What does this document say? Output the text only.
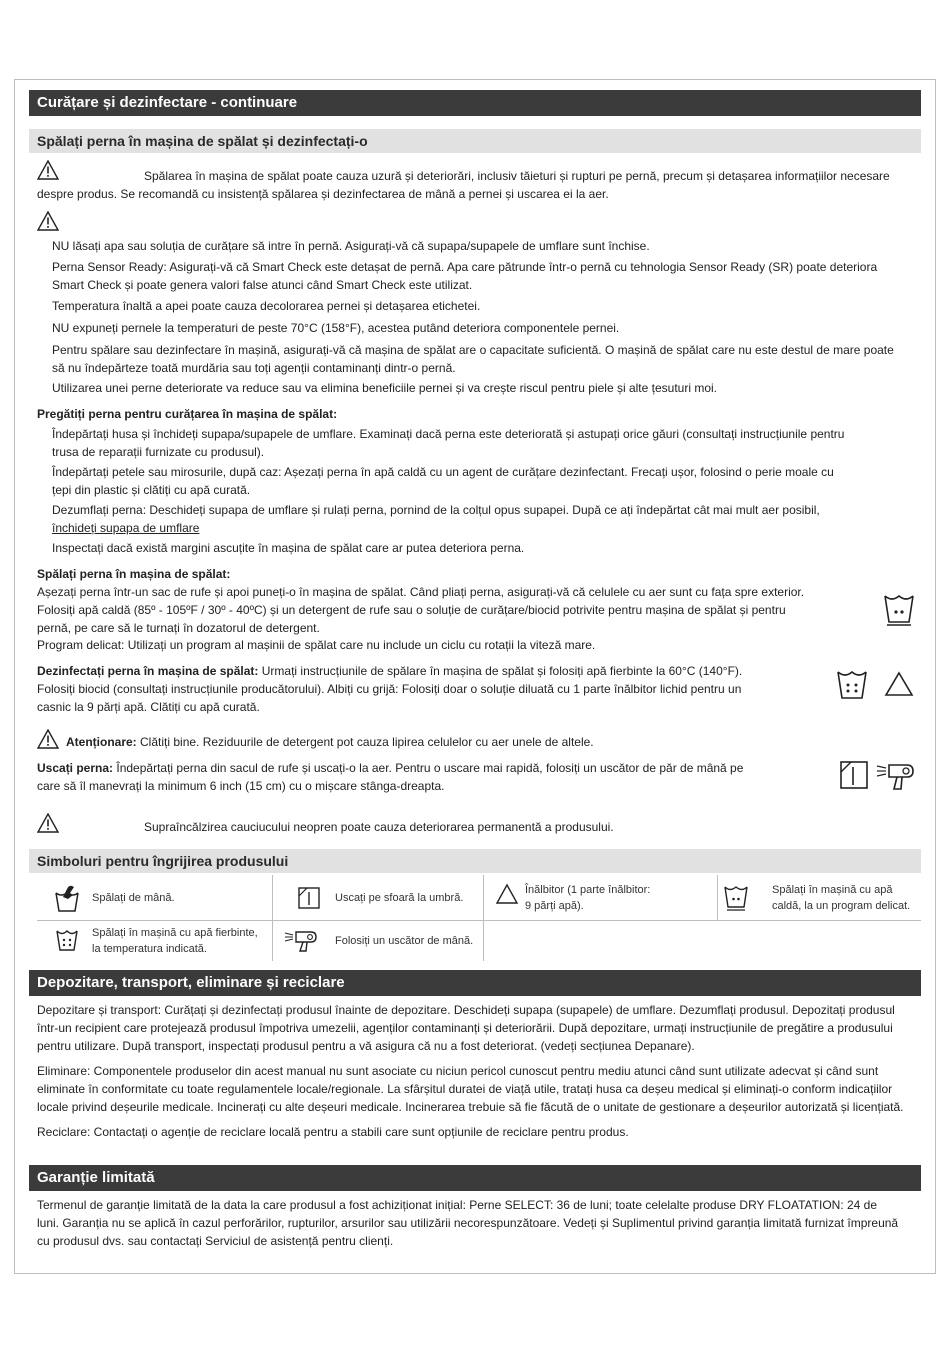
Curățare și dezinfectare - continuare
Spălați perna în mașina de spălat și dezinfectați-o
Spălarea în mașina de spălat poate cauza uzură și deteriorări, inclusiv tăieturi și rupturi pe pernă, precum și detașarea informațiilor necesare
despre produs. Se recomandă cu insistență spălarea și dezinfectarea de mână a pernei și uscarea ei la aer.
NU lăsați apa sau soluția de curățare să intre în pernă. Asigurați-vă că supapa/supapele de umflare sunt închise.
Perna Sensor Ready: Asigurați-vă că Smart Check este detașat de pernă. Apa care pătrunde într-o pernă cu tehnologia Sensor Ready (SR) poate deteriora
Smart Check și poate genera valori false atunci când Smart Check este utilizat.
Temperatura înaltă a apei poate cauza decolorarea pernei și detașarea etichetei.
NU expuneți pernele la temperaturi de peste 70°C (158°F), acestea putând deteriora componentele pernei.
Pentru spălare sau dezinfectare în mașină, asigurați-vă că mașina de spălat are o capacitate suficientă. O mașină de spălat care nu este destul de mare poate
să nu îndepărteze toată murdăria sau toți agenții contaminanți dintr-o pernă.
Utilizarea unei perne deteriorate va reduce sau va elimina beneficiile pernei și va crește riscul pentru piele și alte țesuturi moi.
Pregătiți perna pentru curățarea în mașina de spălat:
Îndepărtați husa și închideți supapa/supapele de umflare. Examinați dacă perna este deteriorată și astupați orice găuri (consultați instrucțiunile pentru
trusa de reparații furnizate cu produsul).
Îndepărtați petele sau mirosurile, după caz: Așezați perna în apă caldă cu un agent de curățare dezinfectant. Frecați ușor, folosind o perie moale cu
țepi din plastic și clătiți cu apă curată.
Dezumflați perna: Deschideți supapa de umflare și rulați perna, pornind de la colțul opus supapei. După ce ați îndepărtat cât mai mult aer posibil,
închideți supapa de umflare
Inspectați dacă există margini ascuțite în mașina de spălat care ar putea deteriora perna.
Spălați perna în mașina de spălat:
Așezați perna într-un sac de rufe și apoi puneți-o în mașina de spălat. Când pliați perna, asigurați-vă că celulele cu aer sunt cu fața spre exterior.
Folosiți apă caldă (85º - 105ºF / 30º - 40ºC) și un detergent de rufe sau o soluție de curățare/biocid potrivite pentru mașina de spălat și pentru
pernă, pe care să le turnați în dozatorul de detergent.
Program delicat: Utilizați un program al mașinii de spălat care nu include un ciclu cu rotații la viteză mare.
Dezinfectați perna în mașina de spălat: Urmați instrucțiunile de spălare în mașina de spălat și folosiți apă fierbinte la 60°C (140°F).
Folosiți biocid (consultați instrucțiunile producătorului). Albiți cu grijă: Folosiți doar o soluție diluată cu 1 parte înălbitor lichid pentru un
casnic la 9 părți apă. Clătiți cu apă curată.
Atenționare: Clătiți bine. Reziduurile de detergent pot cauza lipirea celulelor cu aer unele de altele.
Uscați perna: Îndepărtați perna din sacul de rufe și uscați-o la aer. Pentru o uscare mai rapidă, folosiți un uscător de păr de mână pe
care să îl manevrați la minimum 6 inch (15 cm) cu o mișcare stânga-dreapta.
Supraîncălzirea cauciucului neopren poate cauza deteriorarea permanentă a produsului.
Simboluri pentru îngrijirea produsului
Spălați de mână.	Uscați pe sfoară la umbră.
Înălbitor (1 parte înălbitor:
9 părți apă).
Spălați în mașină cu apă
caldă, la un program delicat.
Spălați în mașină cu apă fierbinte,
la temperatura indicată.
Folosiți un uscător de mână.
Depozitare, transport, eliminare și reciclare
Depozitare și transport: Curățați și dezinfectați produsul înainte de depozitare. Deschideți supapa (supapele) de umflare. Dezumflați produsul. Depozitați produsul
într-un recipient care protejează produsul împotriva umezelii, agenților contaminanți și deteriorării. După depozitare, urmați instrucțiunile de pregătire a produsului
pentru utilizare. După transport, inspectați produsul pentru a vă asigura că nu a fost deteriorat. (vedeți secțiunea Depanare).
Eliminare: Componentele produselor din acest manual nu sunt asociate cu niciun pericol cunoscut pentru mediu atunci când sunt utilizate adecvat și când sunt
eliminate în conformitate cu toate regulamentele locale/regionale. La sfârșitul duratei de viață utile, tratați husa ca deșeu medical și eliminați-o conform indicațiilor
locale privind deșeurile medicale. Incinerați cu alte deșeuri medicale. Incinerarea trebuie să fie făcută de o unitate de gestionare a deșeurilor autorizată și licențiată.
Reciclare: Contactați o agenție de reciclare locală pentru a stabili care sunt opțiunile de reciclare pentru produs.
Garanție limitată
Termenul de garanție limitată de la data la care produsul a fost achiziționat inițial: Perne SELECT: 36 de luni; toate celelalte produse DRY FLOATATION: 24 de
luni. Garanția nu se aplică în cazul perforărilor, rupturilor, arsurilor sau utilizării necorespunzătoare. Vedeți și Suplimentul privind garanția limitată furnizat împreună
cu produsul dvs. sau contactați Serviciul de asistență pentru clienți.
